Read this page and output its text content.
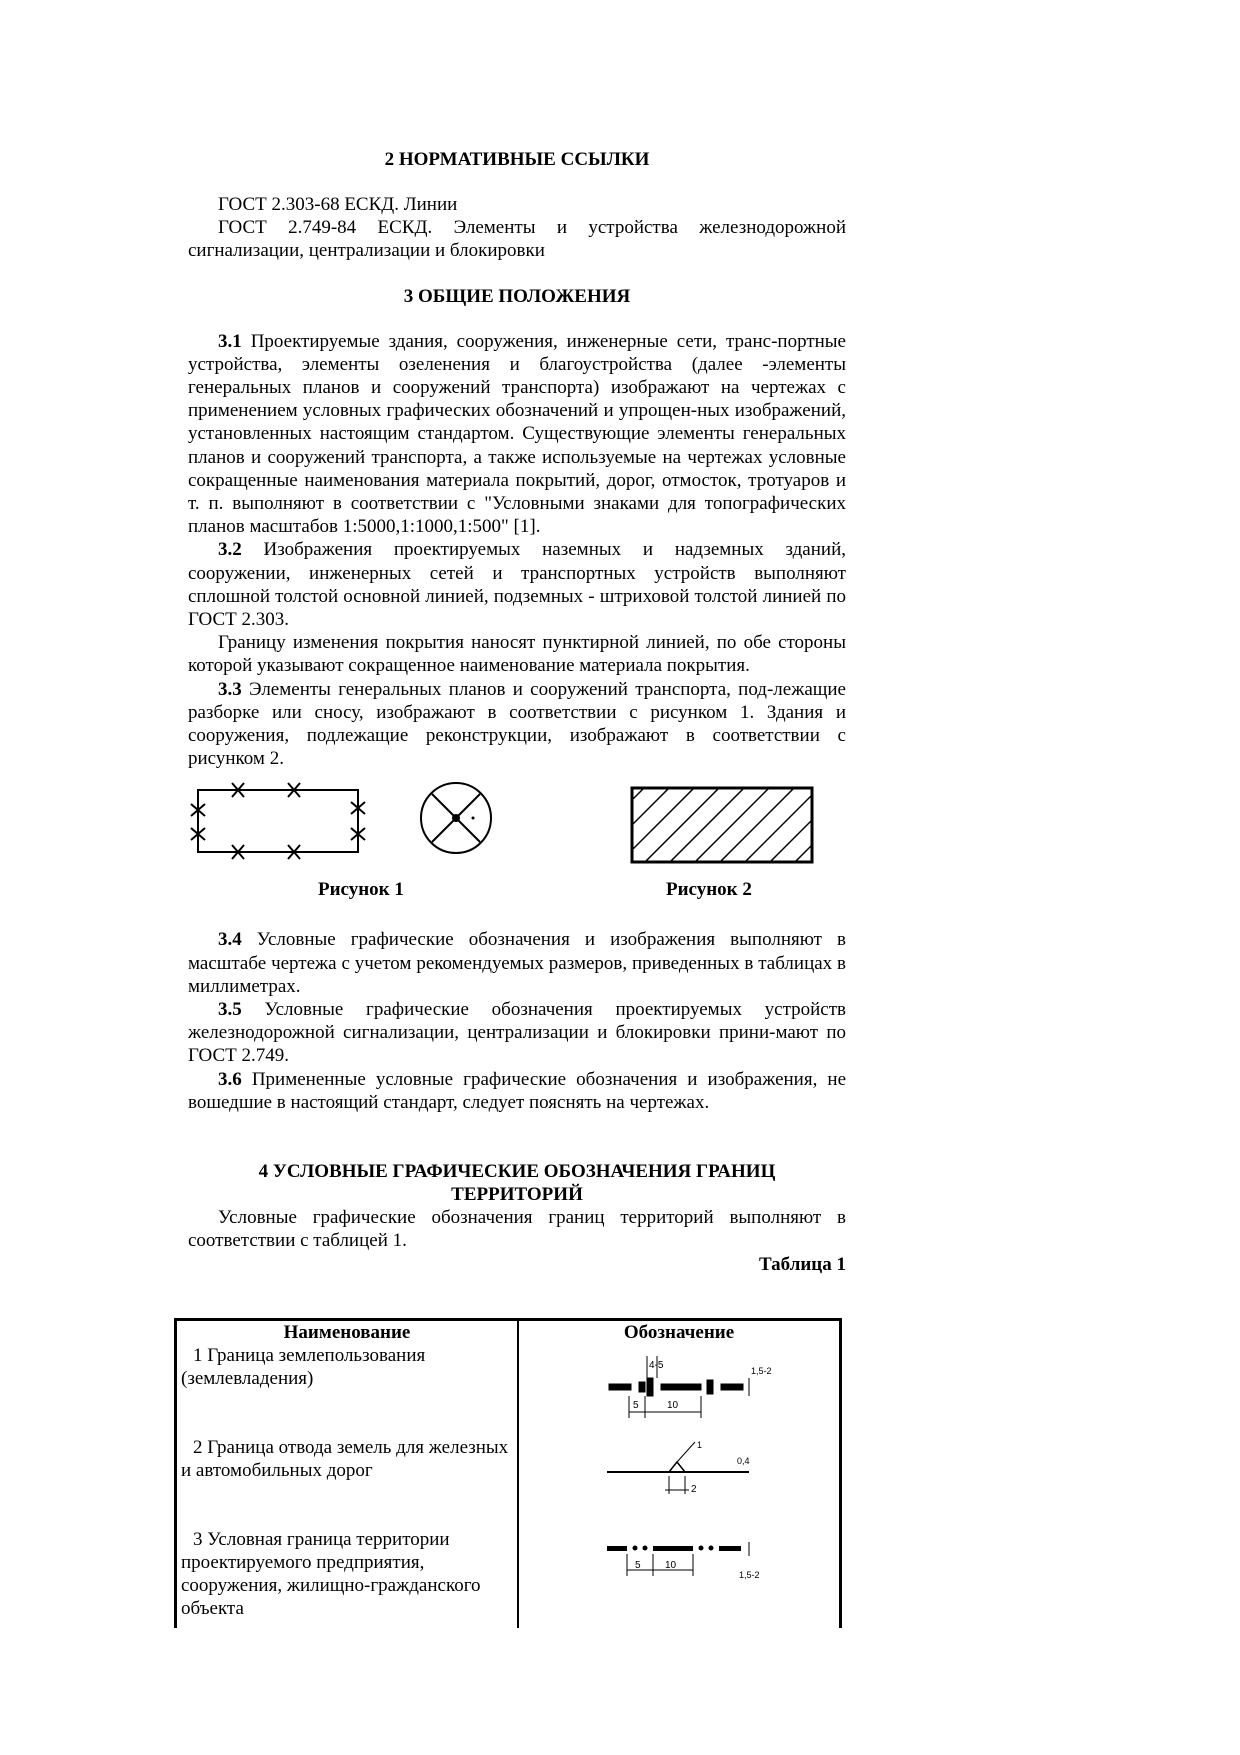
2 НОРМАТИВНЫЕ ССЫЛКИ

ГОСТ 2.303-68 ЕСКД. Линии

ГОСТ 2.749-84 ЕСКД. Элементы и устройства железнодорожной сигнализации, централизации и блокировки

3 ОБЩИЕ ПОЛОЖЕНИЯ

3.1 Проектируемые здания, сооружения, инженерные сети, транс-портные устройства, элементы озеленения и благоустройства (далее -элементы генеральных планов и сооружений транспорта) изображают на чертежах с применением условных графических обозначений и упрощен-ных изображений, установленных настоящим стандартом. Существующие элементы генеральных планов и сооружений транспорта, а также используемые на чертежах условные сокращенные наименования материала покрытий, дорог, отмосток, тротуаров и т. п. выполняют в соответствии с "Условными знаками для топографических планов масштабов 1:5000,1:1000,1:500" [1].

3.2 Изображения проектируемых наземных и надземных зданий, сооружении, инженерных сетей и транспортных устройств выполняют сплошной толстой основной линией, подземных - штриховой толстой линией по ГОСТ 2.303.

Границу изменения покрытия наносят пунктирной линией, по обе стороны которой указывают сокращенное наименование материала покрытия.

3.3 Элементы генеральных планов и сооружений транспорта, под-лежащие разборке или сносу, изображают в соответствии с рисунком 1. Здания и сооружения, подлежащие реконструкции, изображают в соответствии с рисунком 2.

Рисунок 1	Рисунок 2

3.4 Условные графические обозначения и изображения выполняют в масштабе чертежа с учетом рекомендуемых размеров, приведенных в таблицах в миллиметрах.

3.5 Условные графические обозначения проектируемых устройств железнодорожной сигнализации, централизации и блокировки прини-мают по ГОСТ 2.749.

3.6 Примененные условные графические обозначения и изображения, не вошедшие в настоящий стандарт, следует пояснять на чертежах.

4 УСЛОВНЫЕ ГРАФИЧЕСКИЕ ОБОЗНАЧЕНИЯ ГРАНИЦ

ТЕРРИТОРИЙ

Условные графические обозначения границ территорий выполняют в соответствии с таблицей 1.

Таблица 1

Наименование	Обозначение
1 Граница землепользования (землевладения)	4-5
5 10
1,5-2

2 Граница отвода земель для железных и автомобильных дорог	1
2
0,4

3 Условная граница территории проектируемого предприятия, сооружения, жилищно-гражданского объекта	5 10
1,5-2
